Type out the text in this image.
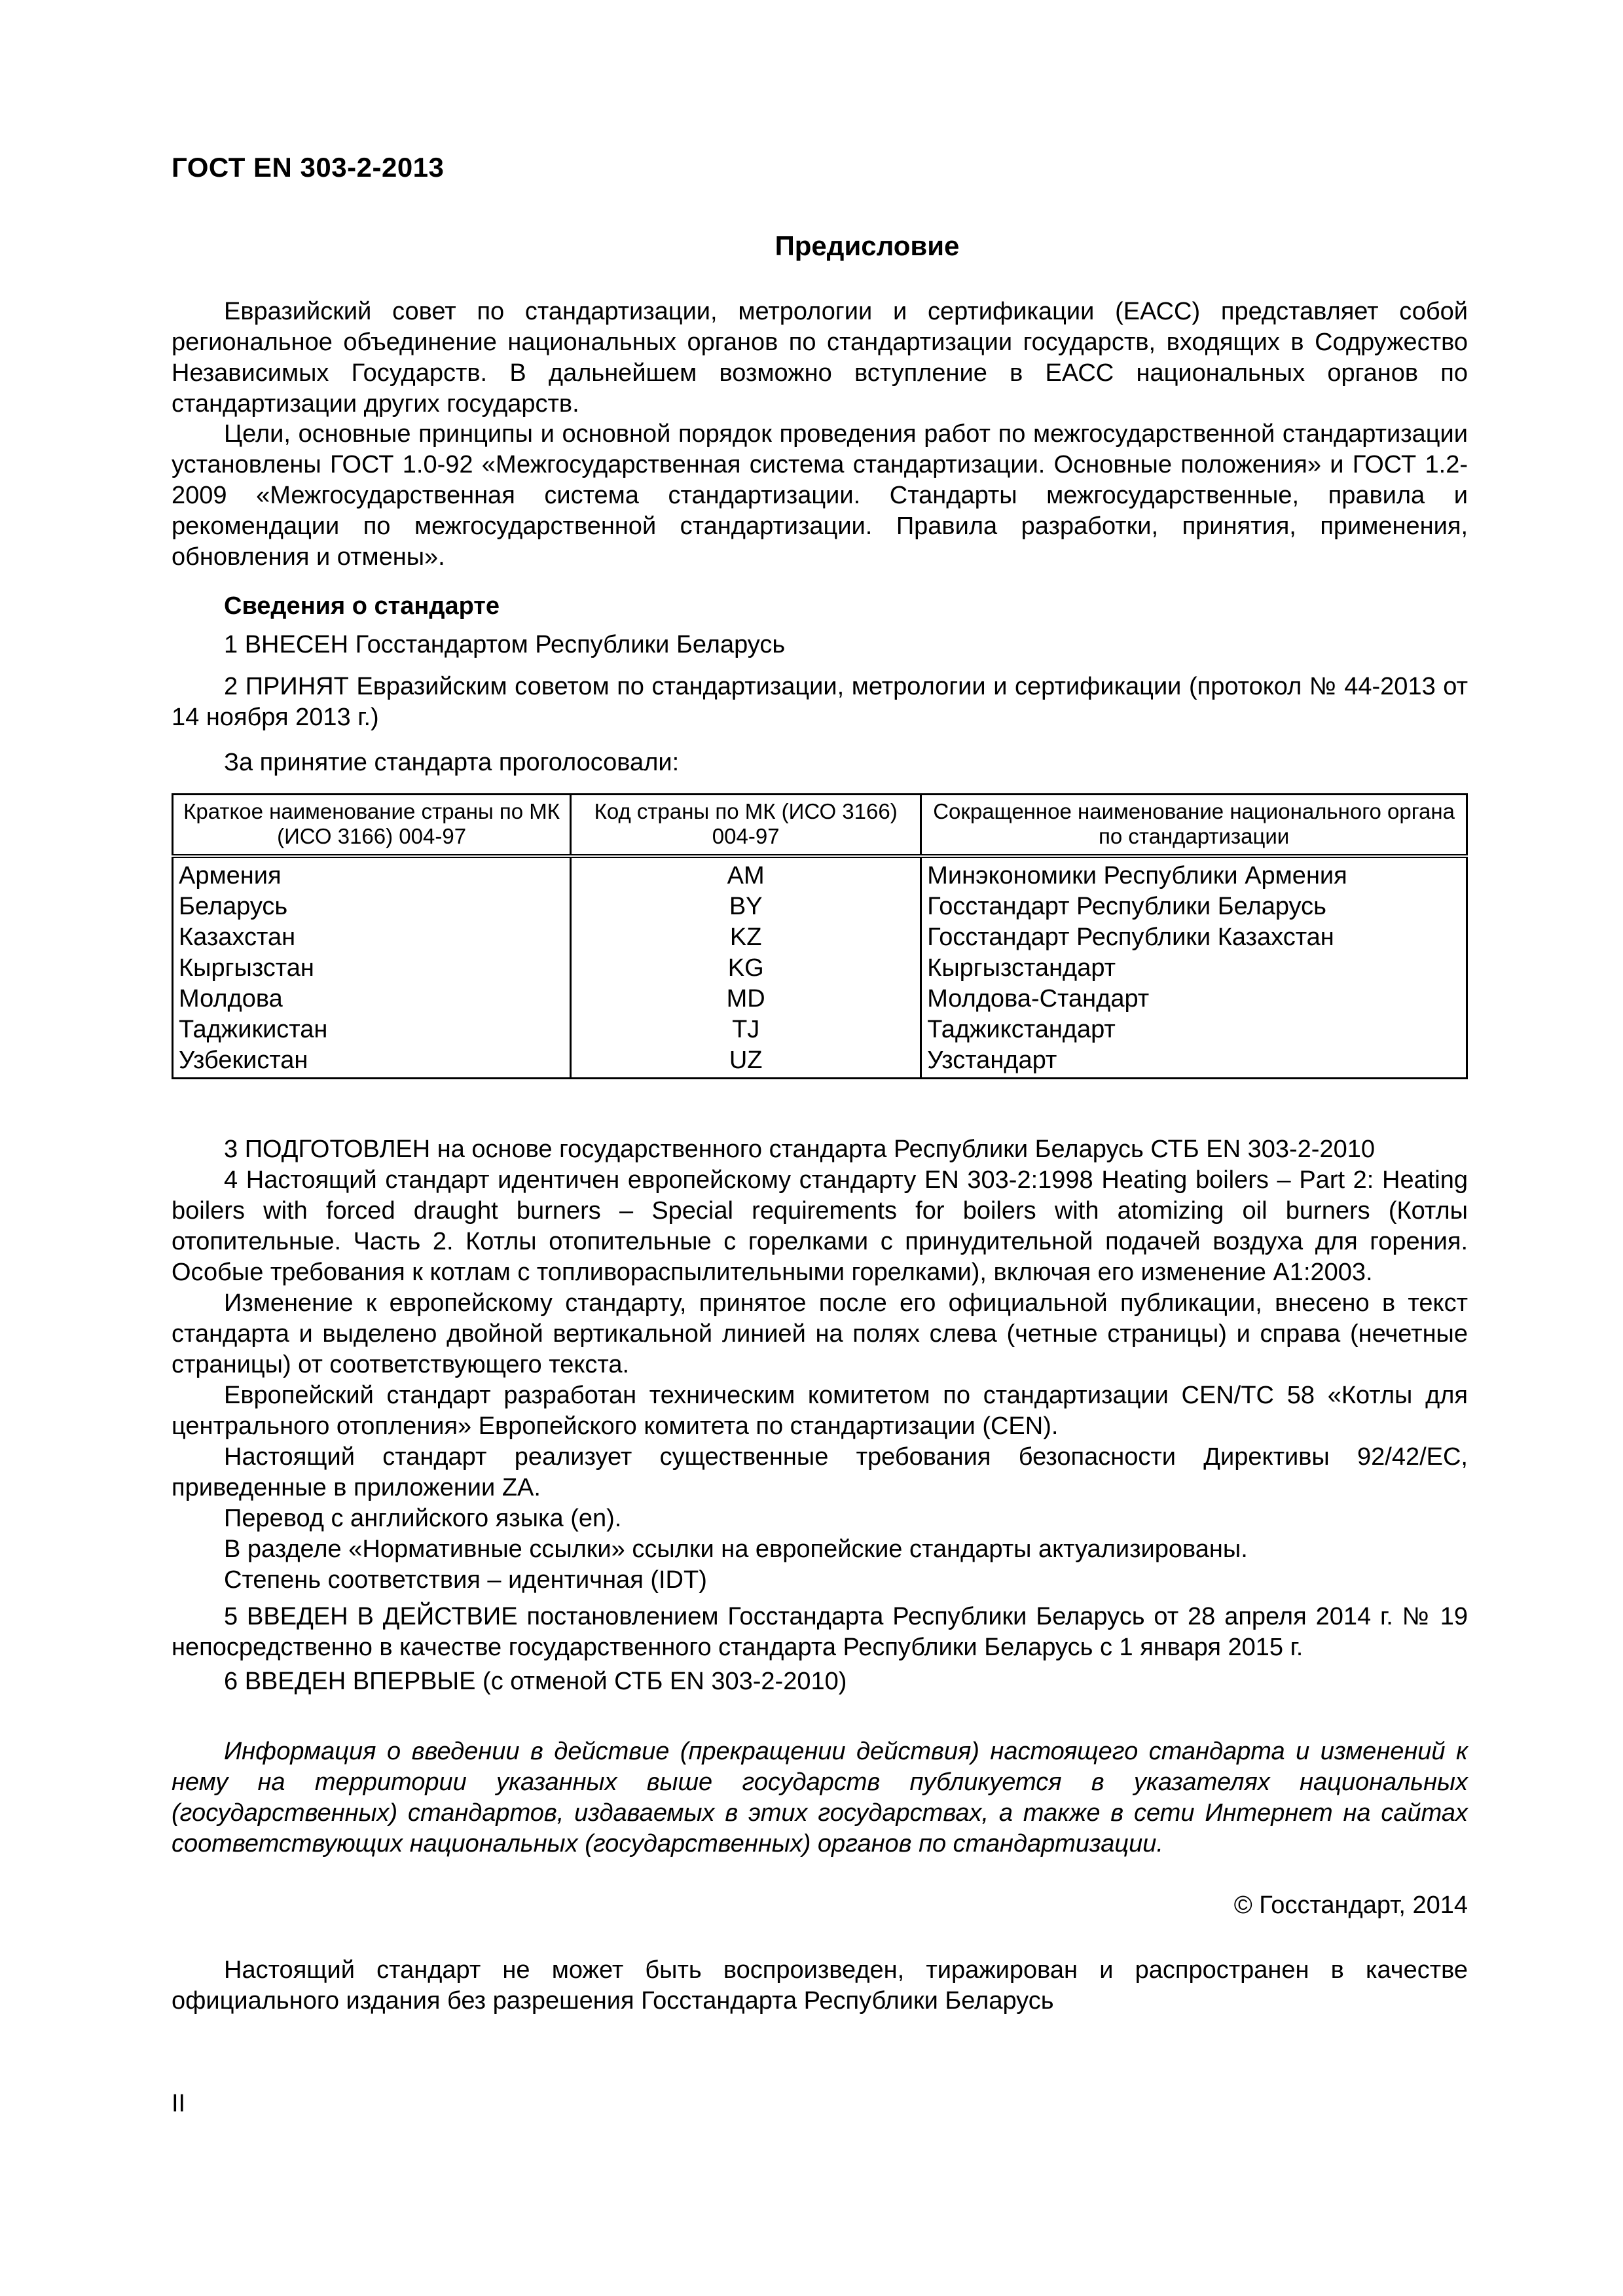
ГОСТ EN 303-2-2013
Предисловие

Евразийский совет по стандартизации, метрологии и сертификации (ЕАСС) представляет собой региональное объединение национальных органов по стандартизации государств, входящих в Содружество Независимых Государств. В дальнейшем возможно вступление в ЕАСС национальных органов по стандартизации других государств.

Цели, основные принципы и основной порядок проведения работ по межгосударственной стандартизации установлены ГОСТ 1.0-92 «Межгосударственная система стандартизации. Основные положения» и ГОСТ 1.2-2009 «Межгосударственная система стандартизации. Стандарты межгосударственные, правила и рекомендации по межгосударственной стандартизации. Правила разработки, принятия, применения, обновления и отмены».

Сведения о стандарте

1 ВНЕСЕН Госстандартом Республики Беларусь

2 ПРИНЯТ Евразийским советом по стандартизации, метрологии и сертификации (протокол № 44-2013 от 14 ноября 2013 г.)

За принятие стандарта проголосовали:

Краткое наименование страны по МК (ИСО 3166) 004-97	Код страны по МК (ИСО 3166) 004-97	Сокращенное наименование национального органа по стандартизации
Армения	AM	Минэкономики Республики Армения
Беларусь	BY	Госстандарт Республики Беларусь
Казахстан	KZ	Госстандарт Республики Казахстан
Кыргызстан	KG	Кыргызстандарт
Молдова	MD	Молдова-Стандарт
Таджикистан	TJ	Таджикстандарт
Узбекистан	UZ	Узстандарт

3 ПОДГОТОВЛЕН на основе государственного стандарта Республики Беларусь СТБ EN 303-2-2010

4 Настоящий стандарт идентичен европейскому стандарту EN 303-2:1998 Heating boilers – Part 2: Heating boilers with forced draught burners – Special requirements for boilers with atomizing oil burners (Котлы отопительные. Часть 2. Котлы отопительные с горелками с принудительной подачей воздуха для горения. Особые требования к котлам с топливораспылительными горелками), включая его изменение A1:2003.

Изменение к европейскому стандарту, принятое после его официальной публикации, внесено в текст стандарта и выделено двойной вертикальной линией на полях слева (четные страницы) и справа (нечетные страницы) от соответствующего текста.

Европейский стандарт разработан техническим комитетом по стандартизации CEN/TC 58 «Котлы для центрального отопления» Европейского комитета по стандартизации (CEN).

Настоящий стандарт реализует существенные требования безопасности Директивы 92/42/EC, приведенные в приложении ZA.

Перевод с английского языка (en).

В разделе «Нормативные ссылки» ссылки на европейские стандарты актуализированы.

Степень соответствия – идентичная (IDT)

5 ВВЕДЕН В ДЕЙСТВИЕ постановлением Госстандарта Республики Беларусь от 28 апреля 2014 г. № 19 непосредственно в качестве государственного стандарта Республики Беларусь с 1 января 2015 г.

6 ВВЕДЕН ВПЕРВЫЕ (с отменой СТБ EN 303-2-2010)

Информация о введении в действие (прекращении действия) настоящего стандарта и изменений к нему на территории указанных выше государств публикуется в указателях национальных (государственных) стандартов, издаваемых в этих государствах, а также в сети Интернет на сайтах соответствующих национальных (государственных) органов по стандартизации.

© Госстандарт, 2014

Настоящий стандарт не может быть воспроизведен, тиражирован и распространен в качестве официального издания без разрешения Госстандарта Республики Беларусь

II
